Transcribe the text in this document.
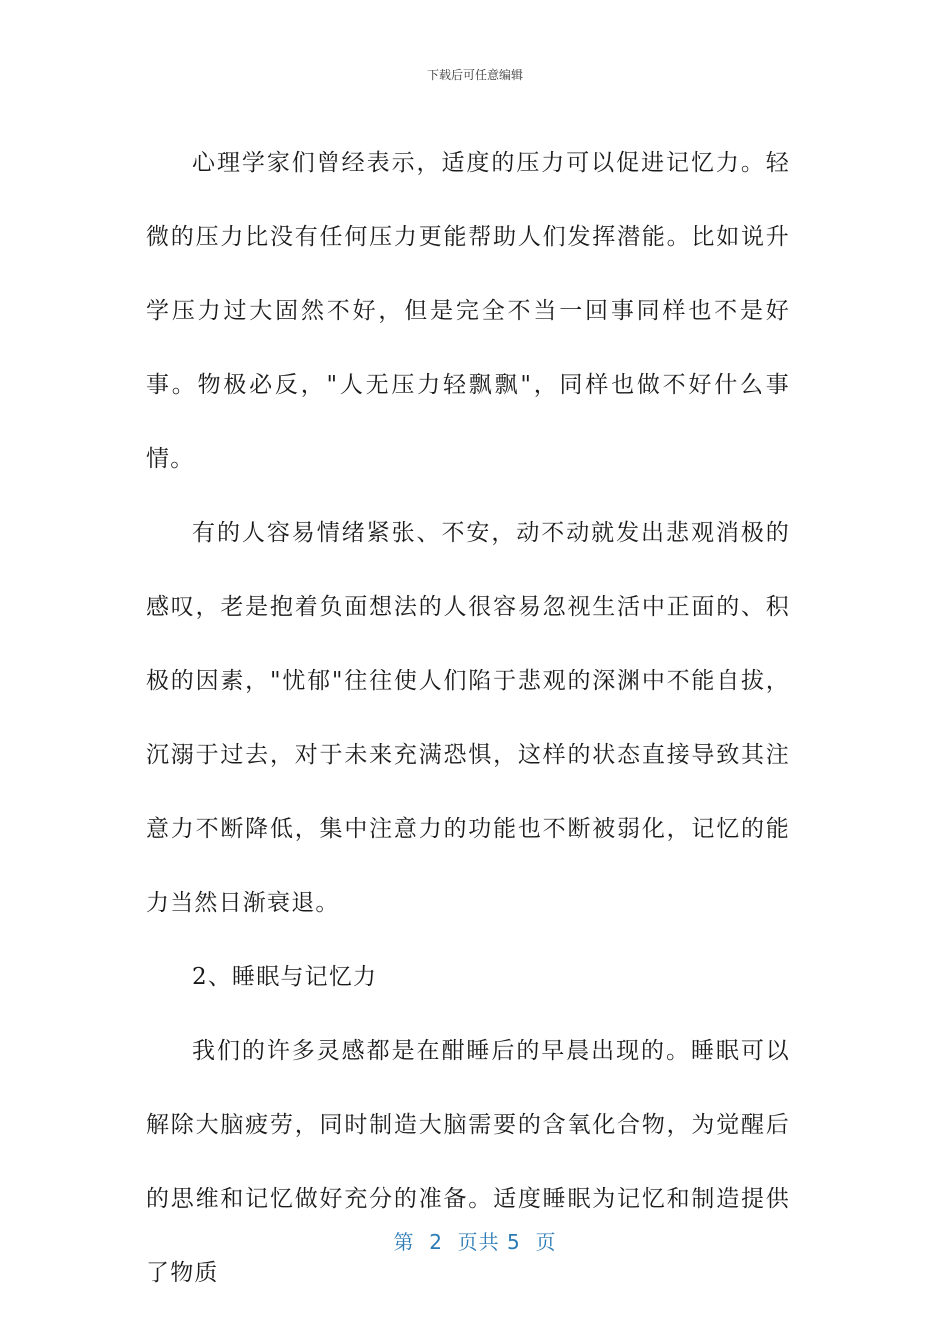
下载后可任意编辑

心理学家们曾经表示，适度的压力可以促进记忆力。轻微的压力比没有任何压力更能帮助人们发挥潜能。比如说升学压力过大固然不好，但是完全不当一回事同样也不是好事。物极必反，"人无压力轻飘飘"，同样也做不好什么事情。

有的人容易情绪紧张、不安，动不动就发出悲观消极的感叹，老是抱着负面想法的人很容易忽视生活中正面的、积极的因素，"忧郁"往往使人们陷于悲观的深渊中不能自拔，沉溺于过去，对于未来充满恐惧，这样的状态直接导致其注意力不断降低，集中注意力的功能也不断被弱化，记忆的能力当然日渐衰退。

2、睡眠与记忆力

我们的许多灵感都是在酣睡后的早晨出现的。睡眠可以解除大脑疲劳，同时制造大脑需要的含氧化合物，为觉醒后的思维和记忆做好充分的准备。适度睡眠为记忆和制造提供了物质

第  2  页共 5  页
